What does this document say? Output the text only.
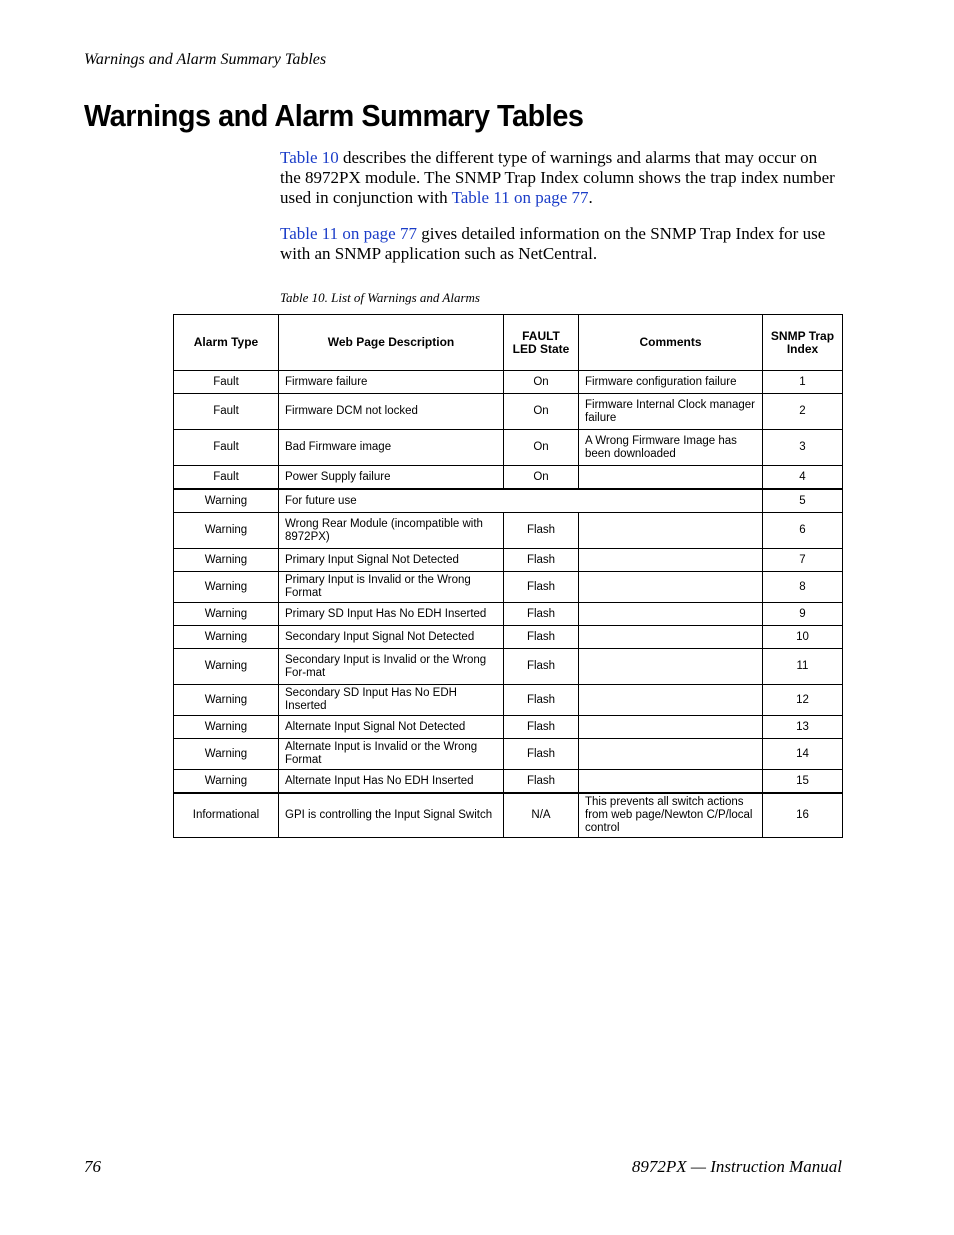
Warnings and Alarm Summary Tables
Warnings and Alarm Summary Tables

Table 10 describes the different type of warnings and alarms that may occur on the 8972PX module. The SNMP Trap Index column shows the trap index number used in conjunction with Table 11 on page 77.

Table 11 on page 77 gives detailed information on the SNMP Trap Index for use with an SNMP application such as NetCentral.

Table 10. List of Warnings and Alarms
Alarm Type	Web Page Description	FAULT LED State	Comments	SNMP Trap Index
Fault	Firmware failure	On	Firmware configuration failure	1
Fault	Firmware DCM not locked	On	Firmware Internal Clock manager failure	2
Fault	Bad Firmware image	On	A Wrong Firmware Image has been downloaded	3
Fault	Power Supply failure	On		4
Warning	For future use			5
Warning	Wrong Rear Module (incompatible with 8972PX)	Flash		6
Warning	Primary Input Signal Not Detected	Flash		7
Warning	Primary Input is Invalid or the Wrong Format	Flash		8
Warning	Primary SD Input Has No EDH Inserted	Flash		9
Warning	Secondary Input Signal Not Detected	Flash		10
Warning	Secondary Input is Invalid or the Wrong For-mat	Flash		11
Warning	Secondary SD Input Has No EDH Inserted	Flash		12
Warning	Alternate Input Signal Not Detected	Flash		13
Warning	Alternate Input is Invalid or the Wrong Format	Flash		14
Warning	Alternate Input Has No EDH Inserted	Flash		15
Informational	GPI is controlling the Input Signal Switch	N/A	This prevents all switch actions from web page/Newton C/P/local control	16
76	8972PX — Instruction Manual
